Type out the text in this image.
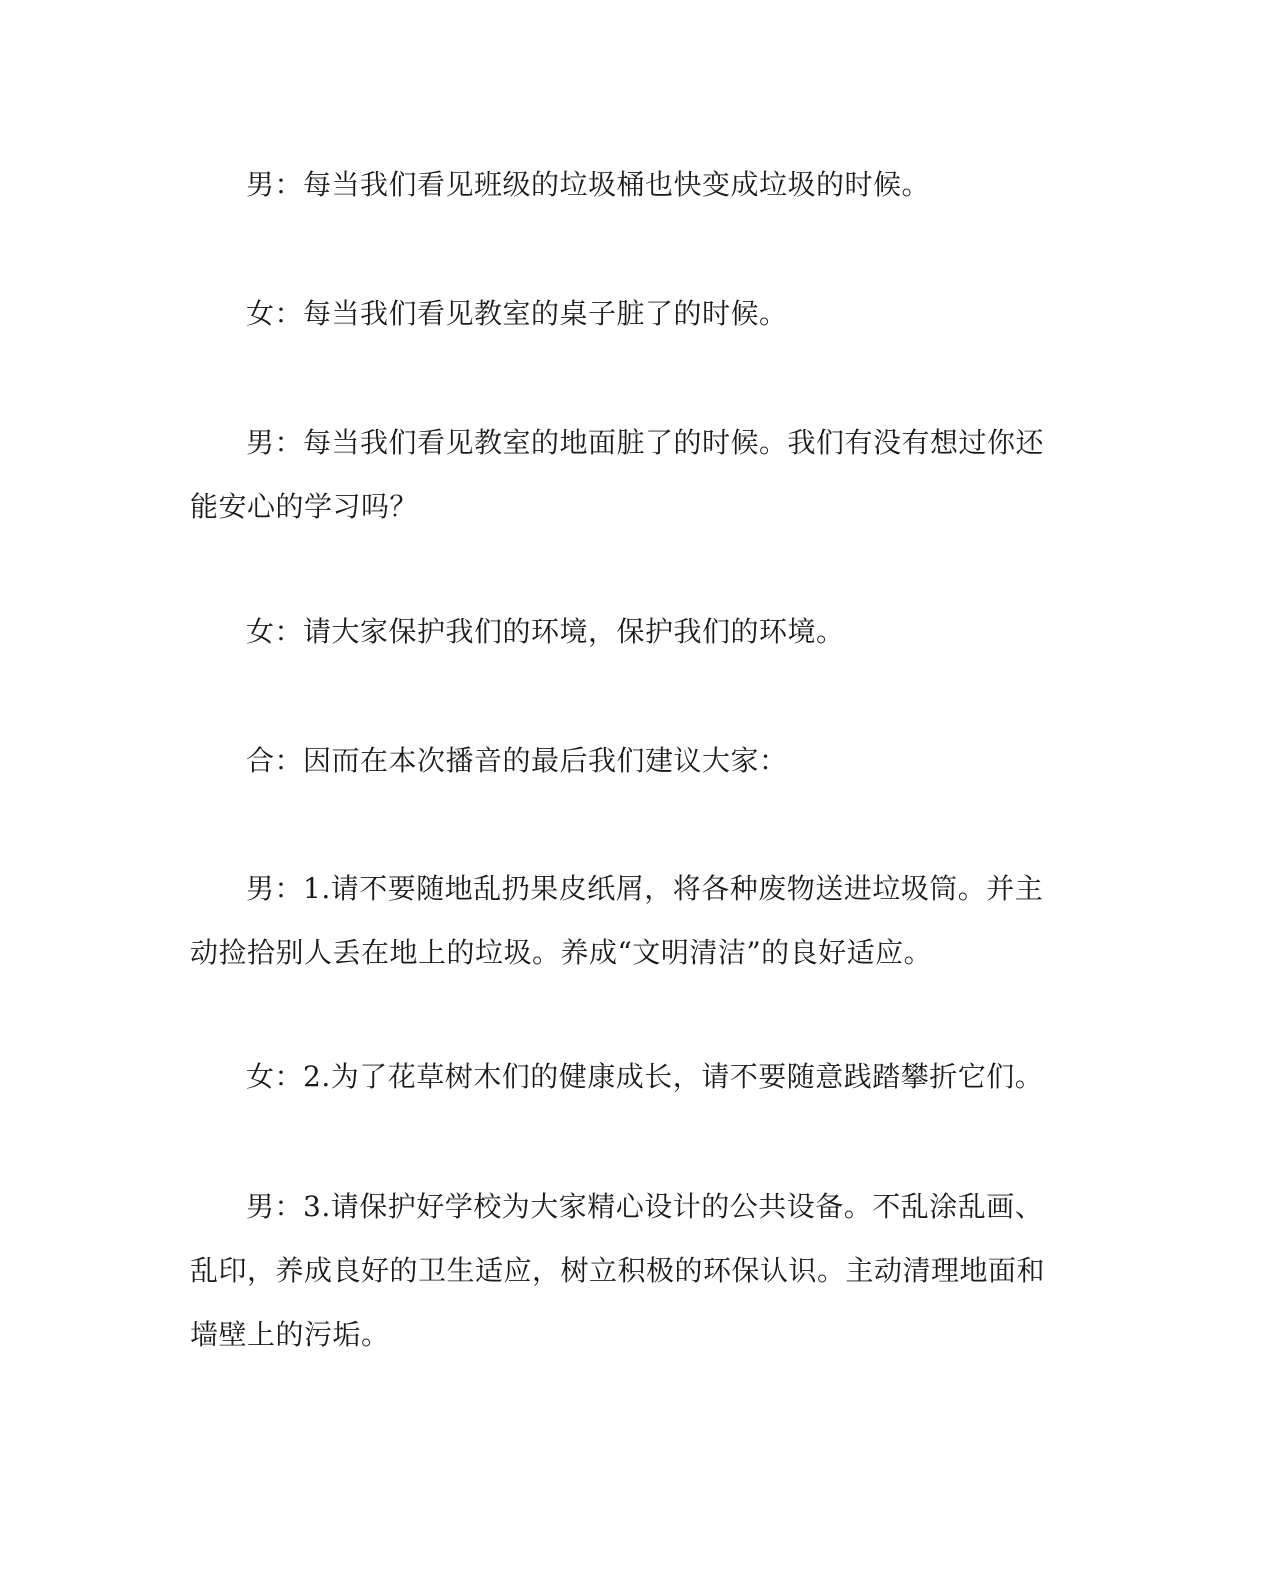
男：每当我们看见班级的垃圾桶也快变成垃圾的时候。

女：每当我们看见教室的桌子脏了的时候。

男：每当我们看见教室的地面脏了的时候。我们有没有想过你还能安心的学习吗？

女：请大家保护我们的环境，保护我们的环境。

合：因而在本次播音的最后我们建议大家：

男：1.请不要随地乱扔果皮纸屑，将各种废物送进垃圾筒。并主动捡拾别人丢在地上的垃圾。养成“文明清洁”的良好适应。

女：2.为了花草树木们的健康成长，请不要随意践踏攀折它们。

男：3.请保护好学校为大家精心设计的公共设备。不乱涂乱画、乱印，养成良好的卫生适应，树立积极的环保认识。主动清理地面和墙壁上的污垢。
